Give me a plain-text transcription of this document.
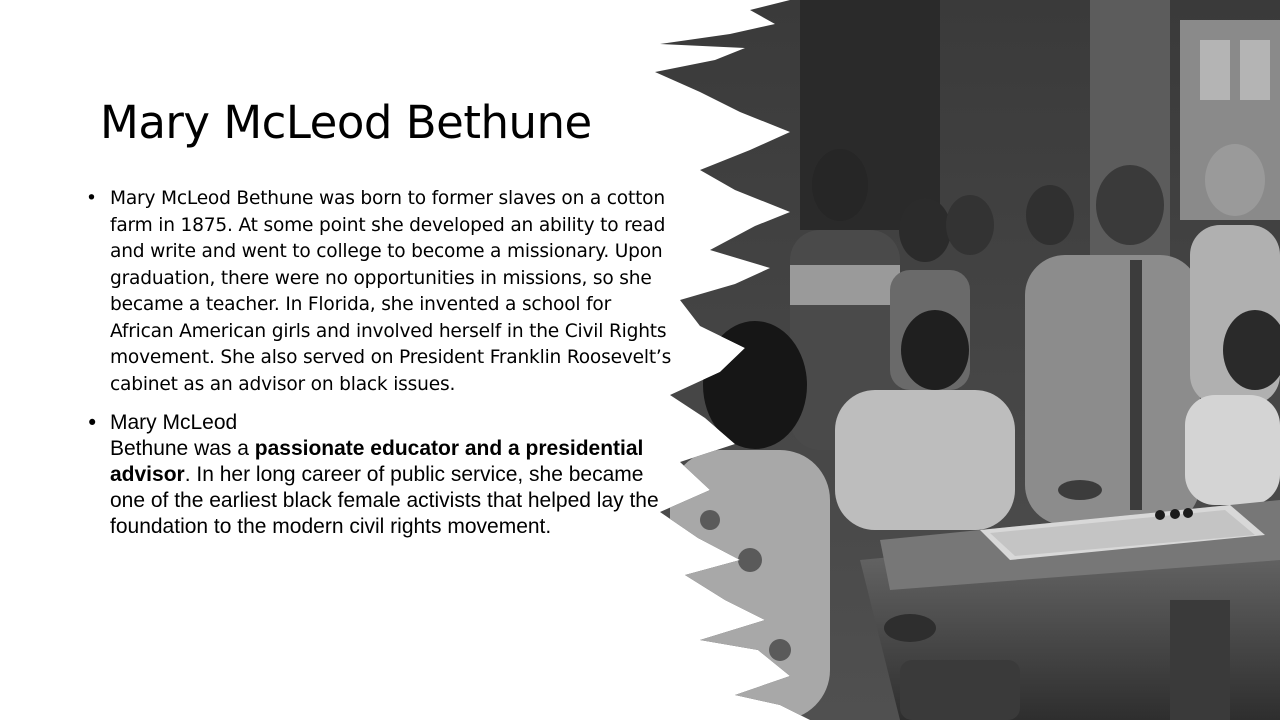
Mary McLeod Bethune
• Mary McLeod Bethune was born to former slaves on a cotton farm in 1875. At some point she developed an ability to read and write and went to college to become a missionary. Upon graduation, there were no opportunities in missions, so she became a teacher. In Florida, she invented a school for African American girls and involved herself in the Civil Rights movement. She also served on President Franklin Roosevelt’s cabinet as an advisor on black issues.
• Mary McLeod
Bethune was a passionate educator and a presidential advisor. In her long career of public service, she became one of the earliest black female activists that helped lay the foundation to the modern civil rights movement.
